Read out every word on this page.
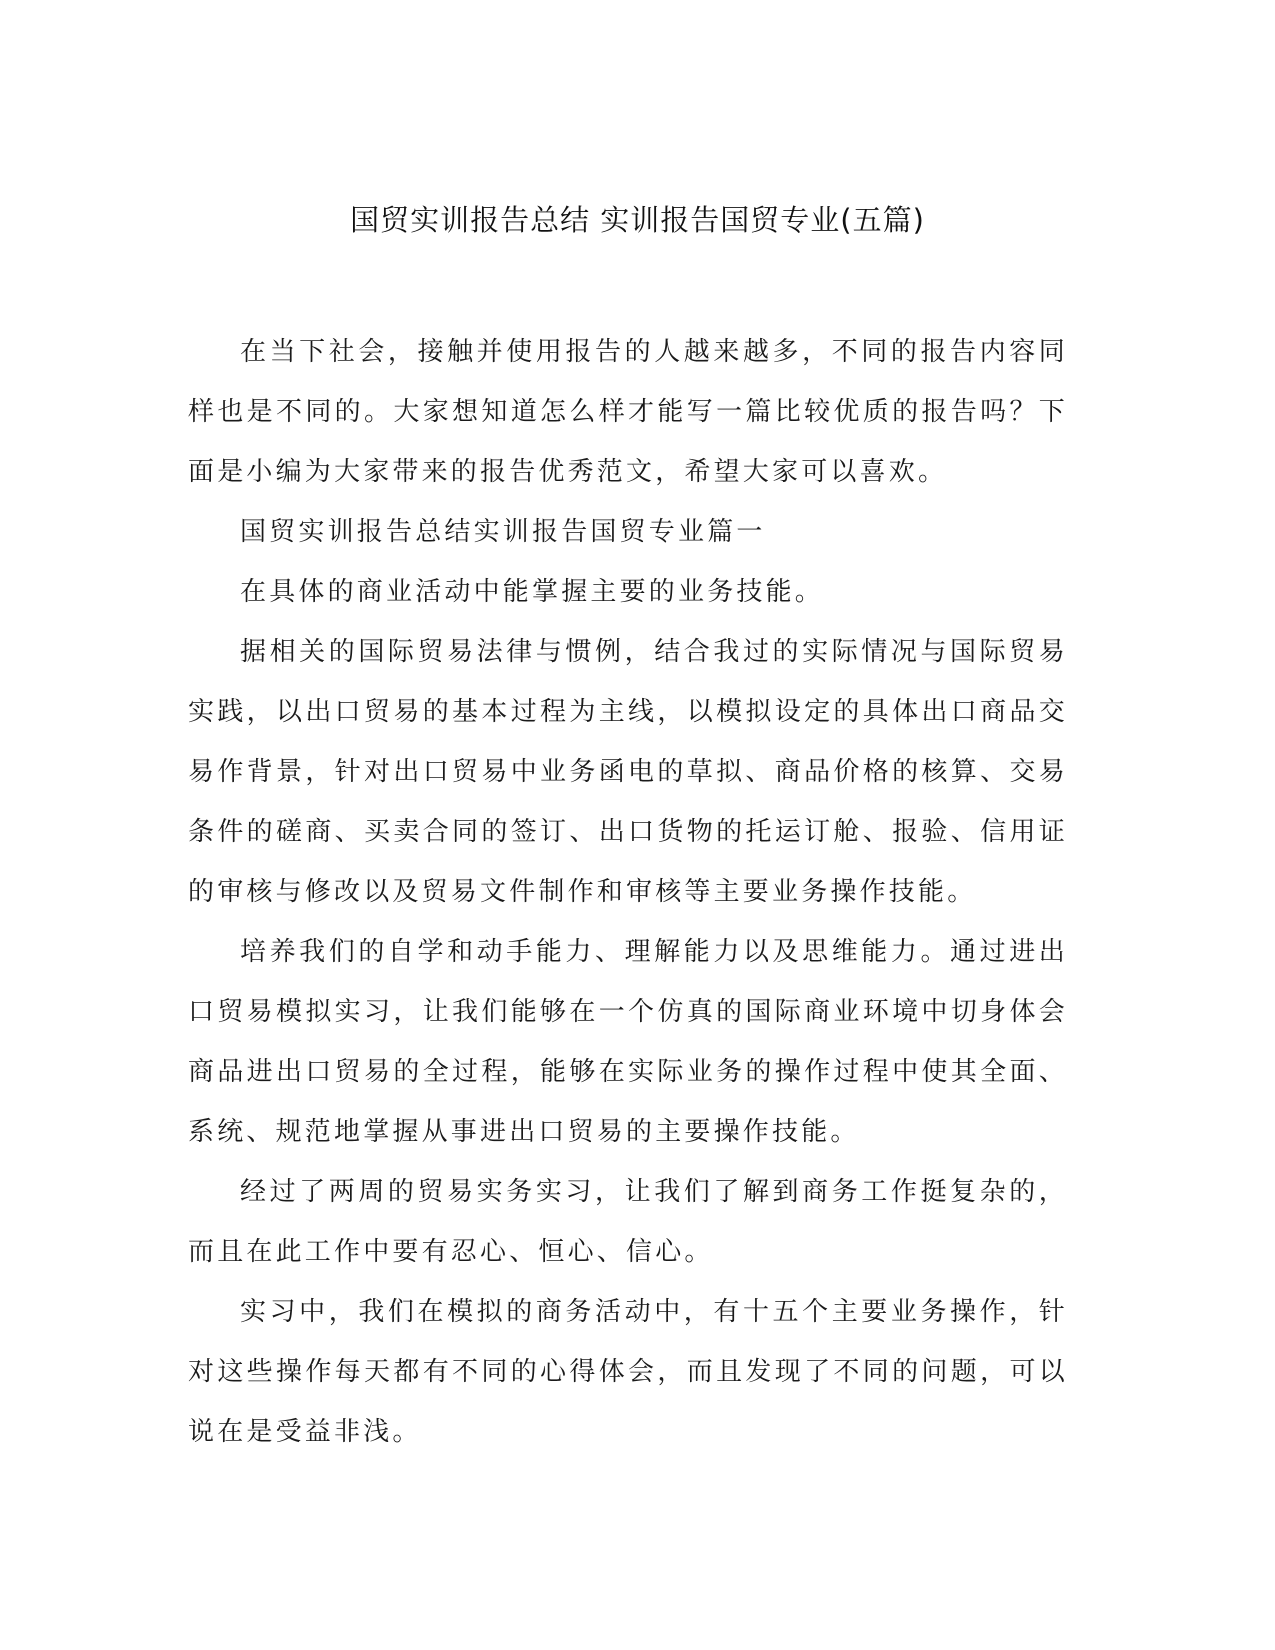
国贸实训报告总结 实训报告国贸专业(五篇)

在当下社会，接触并使用报告的人越来越多，不同的报告内容同样也是不同的。大家想知道怎么样才能写一篇比较优质的报告吗？下面是小编为大家带来的报告优秀范文，希望大家可以喜欢。

国贸实训报告总结实训报告国贸专业篇一

在具体的商业活动中能掌握主要的业务技能。

据相关的国际贸易法律与惯例，结合我过的实际情况与国际贸易实践，以出口贸易的基本过程为主线，以模拟设定的具体出口商品交易作背景，针对出口贸易中业务函电的草拟、商品价格的核算、交易条件的磋商、买卖合同的签订、出口货物的托运订舱、报验、信用证的审核与修改以及贸易文件制作和审核等主要业务操作技能。

培养我们的自学和动手能力、理解能力以及思维能力。通过进出口贸易模拟实习，让我们能够在一个仿真的国际商业环境中切身体会商品进出口贸易的全过程，能够在实际业务的操作过程中使其全面、系统、规范地掌握从事进出口贸易的主要操作技能。

经过了两周的贸易实务实习，让我们了解到商务工作挺复杂的，而且在此工作中要有忍心、恒心、信心。

实习中，我们在模拟的商务活动中，有十五个主要业务操作，针对这些操作每天都有不同的心得体会，而且发现了不同的问题，可以说在是受益非浅。
